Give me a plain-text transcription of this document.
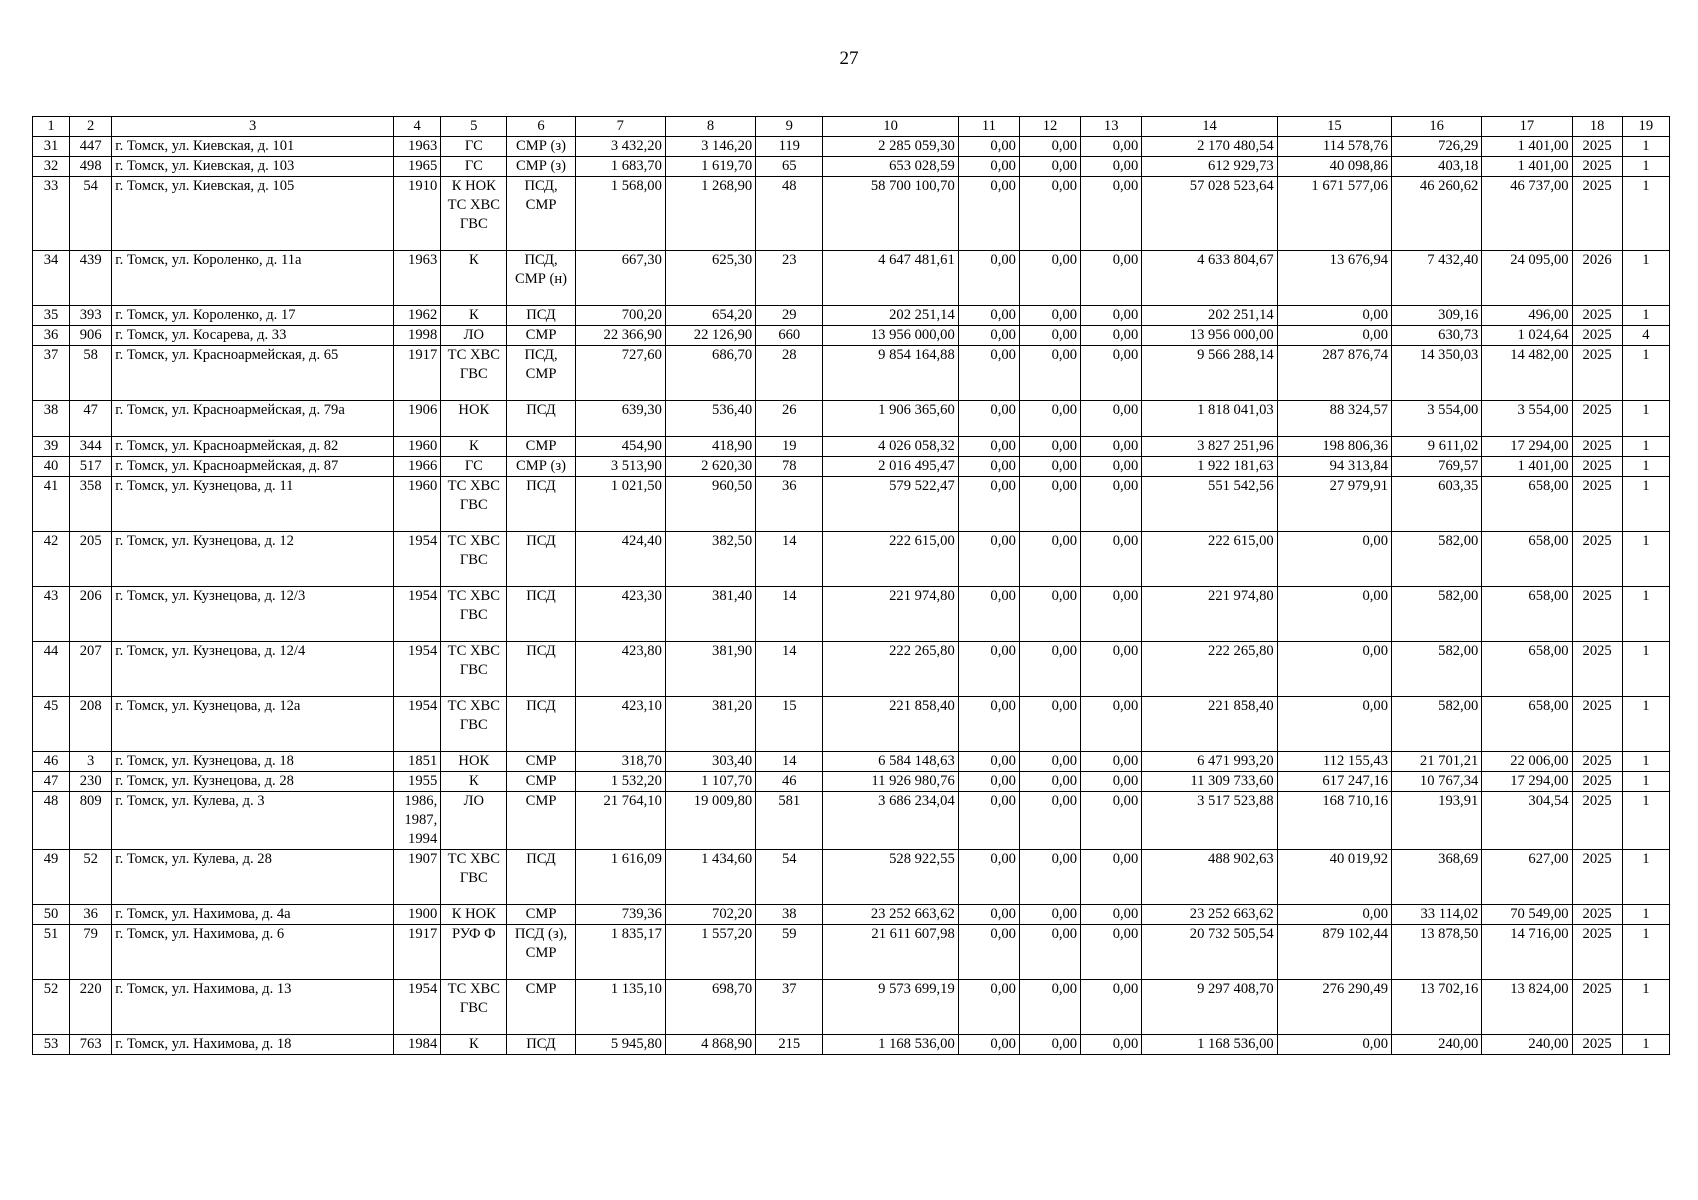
27
1	2	3	4	5	6	7	8	9	10	11	12	13	14	15	16	17	18	19
31	447	г. Томск, ул. Киевская, д. 101	1963	ГС	СМР (з)	3 432,20	3 146,20	119	2 285 059,30	0,00	0,00	0,00	2 170 480,54	114 578,76	726,29	1 401,00	2025	1
32	498	г. Томск, ул. Киевская, д. 103	1965	ГС	СМР (з)	1 683,70	1 619,70	65	653 028,59	0,00	0,00	0,00	612 929,73	40 098,86	403,18	1 401,00	2025	1
33	54	г. Томск, ул. Киевская, д. 105	1910	К НОК ТС ХВС ГВС	ПСД, СМР	1 568,00	1 268,90	48	58 700 100,70	0,00	0,00	0,00	57 028 523,64	1 671 577,06	46 260,62	46 737,00	2025	1
34	439	г. Томск, ул. Короленко, д. 11а	1963	К	ПСД, СМР (н)	667,30	625,30	23	4 647 481,61	0,00	0,00	0,00	4 633 804,67	13 676,94	7 432,40	24 095,00	2026	1
35	393	г. Томск, ул. Короленко, д. 17	1962	К	ПСД	700,20	654,20	29	202 251,14	0,00	0,00	0,00	202 251,14	0,00	309,16	496,00	2025	1
36	906	г. Томск, ул. Косарева, д. 33	1998	ЛО	СМР	22 366,90	22 126,90	660	13 956 000,00	0,00	0,00	0,00	13 956 000,00	0,00	630,73	1 024,64	2025	4
37	58	г. Томск, ул. Красноармейская, д. 65	1917	ТС ХВС ГВС	ПСД, СМР	727,60	686,70	28	9 854 164,88	0,00	0,00	0,00	9 566 288,14	287 876,74	14 350,03	14 482,00	2025	1
38	47	г. Томск, ул. Красноармейская, д. 79а	1906	НОК	ПСД	639,30	536,40	26	1 906 365,60	0,00	0,00	0,00	1 818 041,03	88 324,57	3 554,00	3 554,00	2025	1
39	344	г. Томск, ул. Красноармейская, д. 82	1960	К	СМР	454,90	418,90	19	4 026 058,32	0,00	0,00	0,00	3 827 251,96	198 806,36	9 611,02	17 294,00	2025	1
40	517	г. Томск, ул. Красноармейская, д. 87	1966	ГС	СМР (з)	3 513,90	2 620,30	78	2 016 495,47	0,00	0,00	0,00	1 922 181,63	94 313,84	769,57	1 401,00	2025	1
41	358	г. Томск, ул. Кузнецова, д. 11	1960	ТС ХВС ГВС	ПСД	1 021,50	960,50	36	579 522,47	0,00	0,00	0,00	551 542,56	27 979,91	603,35	658,00	2025	1
42	205	г. Томск, ул. Кузнецова, д. 12	1954	ТС ХВС ГВС	ПСД	424,40	382,50	14	222 615,00	0,00	0,00	0,00	222 615,00	0,00	582,00	658,00	2025	1
43	206	г. Томск, ул. Кузнецова, д. 12/3	1954	ТС ХВС ГВС	ПСД	423,30	381,40	14	221 974,80	0,00	0,00	0,00	221 974,80	0,00	582,00	658,00	2025	1
44	207	г. Томск, ул. Кузнецова, д. 12/4	1954	ТС ХВС ГВС	ПСД	423,80	381,90	14	222 265,80	0,00	0,00	0,00	222 265,80	0,00	582,00	658,00	2025	1
45	208	г. Томск, ул. Кузнецова, д. 12а	1954	ТС ХВС ГВС	ПСД	423,10	381,20	15	221 858,40	0,00	0,00	0,00	221 858,40	0,00	582,00	658,00	2025	1
46	3	г. Томск, ул. Кузнецова, д. 18	1851	НОК	СМР	318,70	303,40	14	6 584 148,63	0,00	0,00	0,00	6 471 993,20	112 155,43	21 701,21	22 006,00	2025	1
47	230	г. Томск, ул. Кузнецова, д. 28	1955	К	СМР	1 532,20	1 107,70	46	11 926 980,76	0,00	0,00	0,00	11 309 733,60	617 247,16	10 767,34	17 294,00	2025	1
48	809	г. Томск, ул. Кулева, д. 3	1986, 1987, 1994	ЛО	СМР	21 764,10	19 009,80	581	3 686 234,04	0,00	0,00	0,00	3 517 523,88	168 710,16	193,91	304,54	2025	1
49	52	г. Томск, ул. Кулева, д. 28	1907	ТС ХВС ГВС	ПСД	1 616,09	1 434,60	54	528 922,55	0,00	0,00	0,00	488 902,63	40 019,92	368,69	627,00	2025	1
50	36	г. Томск, ул. Нахимова, д. 4а	1900	К НОК	СМР	739,36	702,20	38	23 252 663,62	0,00	0,00	0,00	23 252 663,62	0,00	33 114,02	70 549,00	2025	1
51	79	г. Томск, ул. Нахимова, д. 6	1917	РУФ Ф	ПСД (з), СМР	1 835,17	1 557,20	59	21 611 607,98	0,00	0,00	0,00	20 732 505,54	879 102,44	13 878,50	14 716,00	2025	1
52	220	г. Томск, ул. Нахимова, д. 13	1954	ТС ХВС ГВС	СМР	1 135,10	698,70	37	9 573 699,19	0,00	0,00	0,00	9 297 408,70	276 290,49	13 702,16	13 824,00	2025	1
53	763	г. Томск, ул. Нахимова, д. 18	1984	К	ПСД	5 945,80	4 868,90	215	1 168 536,00	0,00	0,00	0,00	1 168 536,00	0,00	240,00	240,00	2025	1
